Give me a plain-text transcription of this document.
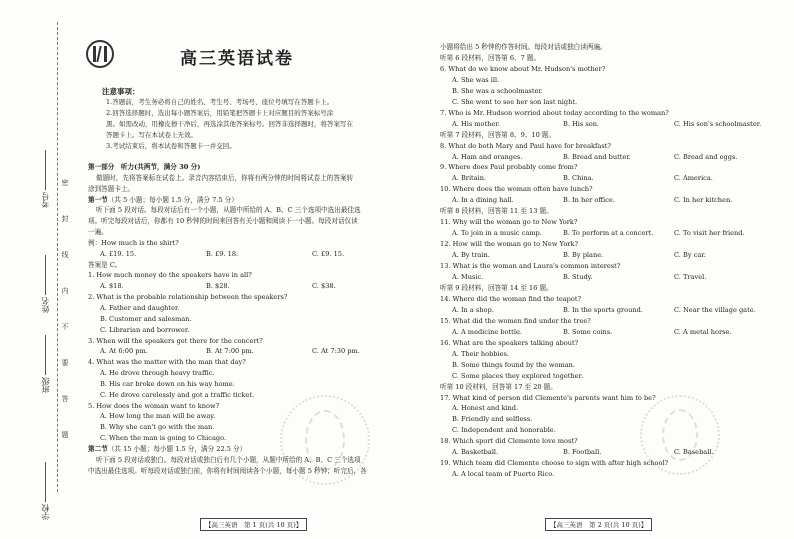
考号
姓名
班级
学校
密
封
线
内
不
要
答
题
高三英语试卷
注意事项：

1.答题前，考生务必将自己的姓名、考生号、考场号、座位号填写在答题卡上。

2.回答选择题时，选出每小题答案后，用铅笔把答题卡上对应题目的答案标号涂

黑。如需改动，用橡皮擦干净后，再选涂其他答案标号。回答非选择题时，将答案写在

答题卡上。写在本试卷上无效。

3.考试结束后，将本试卷和答题卡一并交回。

第一部分　听力(共两节，满分 30 分)
做题时，先将答案标在试卷上。录音内容结束后，你将有两分钟的时间将试卷上的答案转
涂到答题卡上。
第一节（共 5 小题；每小题 1.5 分，满分 7.5 分）
听下面 5 段对话。每段对话后有一个小题，从题中所给的 A、B、C 三个选项中选出最佳选
项。听完每段对话后，你都有 10 秒钟的时间来回答有关小题和阅读下一小题。每段对话仅读
一遍。
例：How much is the shirt?
A. £19. 15.	B. £9. 18.	C. £9. 15.
答案是 C。
1. How much money do the speakers have in all?
A. $18.	B. $28.	C. $38.
2. What is the probable relationship between the speakers?
A. Father and daughter.
B. Customer and salesman.
C. Librarian and borrower.
3. When will the speakers get there for the concert?
A. At 6:00 pm.	B. At 7:00 pm.	C. At 7:30 pm.
4. What was the matter with the man that day?
A. He drove through heavy traffic.
B. His car broke down on his way home.
C. He drove carelessly and got a traffic ticket.
5. How does the woman want to know?
A. How long the man will be away.
B. Why she can't go with the man.
C. When the man is going to Chicago.
第二节（共 15 小题；每小题 1.5 分，满分 22.5 分）
听下面 5 段对话或独白。每段对话或独白后有几个小题，从题中所给的 A、B、C 三个选项
中选出最佳选项。听每段对话或独白前，你将有时间阅读各个小题，每小题 5 秒钟；听完后，各
小题将给出 5 秒钟的作答时间。每段对话或独白读两遍。
听第 6 段材料，回答第 6、7 题。
6. What do we know about Mr. Hudson's mother?
A. She was ill.
B. She was a schoolmaster.
C. She went to see her son last night.
7. Who is Mr. Hudson worried about today according to the woman?
A. His mother.	B. His son.	C. His son's schoolmaster.
听第 7 段材料，回答第 8、9、10 题。
8. What do both Mary and Paul have for breakfast?
A. Ham and oranges.	B. Bread and butter.	C. Bread and eggs.
9. Where does Paul probably come from?
A. Britain.	B. China.	C. America.
10. Where does the woman often have lunch?
A. In a dining hall.	B. In her office.	C. In her kitchen.
听第 8 段材料，回答第 11 至 13 题。
11. Why will the woman go to New York?
A. To join in a music camp.	B. To perform at a concert.	C. To visit her friend.
12. How will the woman go to New York?
A. By train.	B. By plane.	C. By car.
13. What is the woman and Laura's common interest?
A. Music.	B. Study.	C. Travel.
听第 9 段材料，回答第 14 至 16 题。
14. Where did the woman find the teapot?
A. In a shop.	B. In the sports ground.	C. Near the village gate.
15. What did the women find under the tree?
A. A medicine bottle.	B. Some coins.	C. A metal horse.
16. What are the speakers talking about?
A. Their hobbies.
B. Some things found by the woman.
C. Some places they explored together.
听第 10 段材料，回答第 17 至 20 题。
17. What kind of person did Clemente's parents want him to be?
A. Honest and kind.
B. Friendly and selfless.
C. Independent and honorable.
18. Which sport did Clemente love most?
A. Basketball.	B. Football.	C. Baseball.
19. Which team did Clemente choose to sign with after high school?
A. A local team of Puerto Rico.
【高三英语　第 1 页(共 10 页)】	【高三英语　第 2 页(共 10 页)】
